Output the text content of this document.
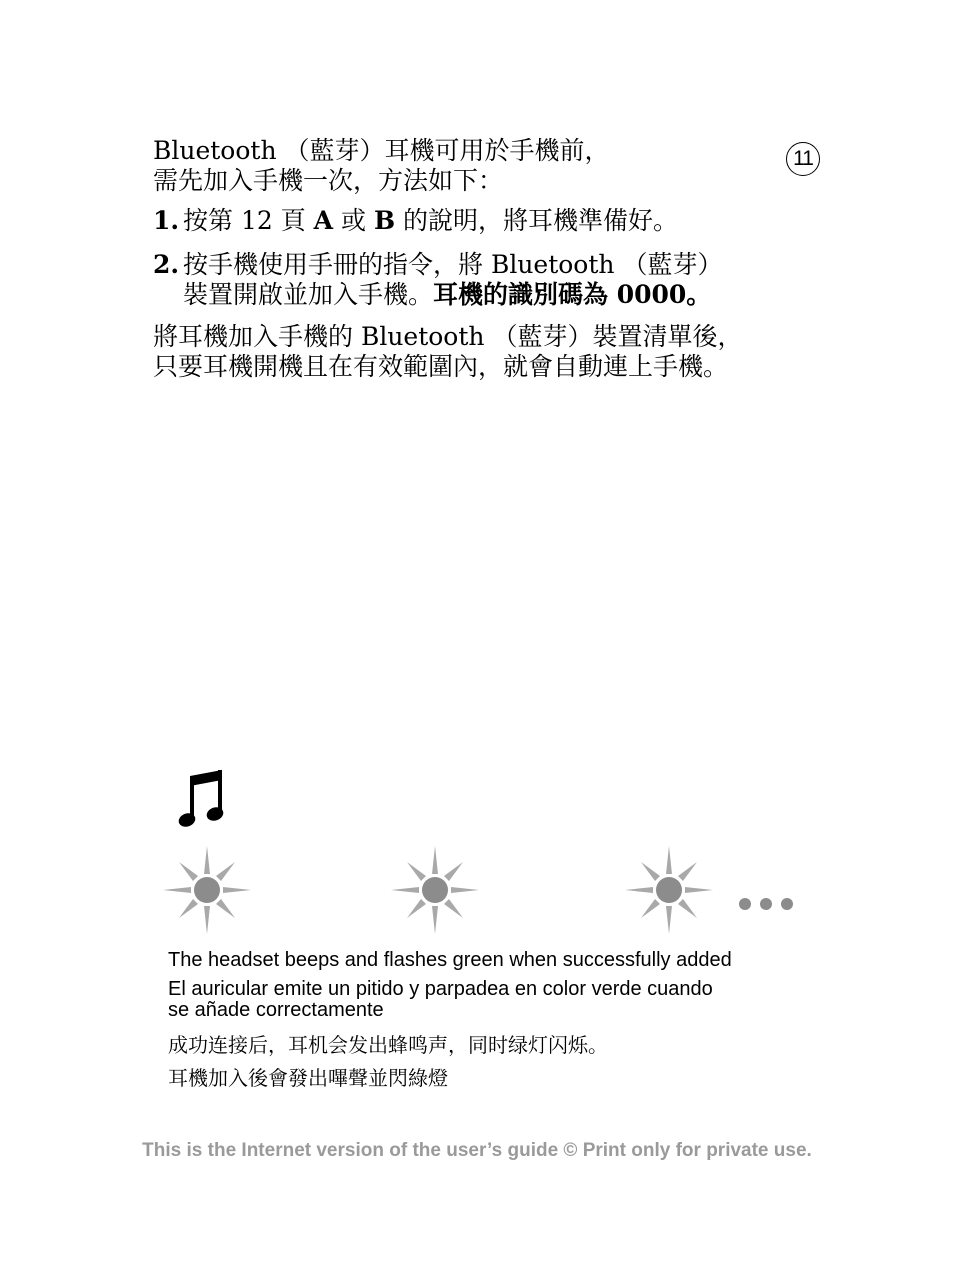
Bluetooth （藍芽）耳機可用於手機前，
需先加入手機一次，方法如下：
11
1. 按第 12 頁 A 或 B 的說明，將耳機準備好。
2. 按手機使用手冊的指令，將 Bluetooth （藍芽）
裝置開啟並加入手機。耳機的識別碼為 0000。
將耳機加入手機的 Bluetooth （藍芽）裝置清單後，
只要耳機開機且在有效範圍內，就會自動連上手機。
The headset beeps and flashes green when successfully added
El auricular emite un pitido y parpadea en color verde cuando
se añade correctamente
成功连接后，耳机会发出蜂鸣声，同时绿灯闪烁。
耳機加入後會發出嗶聲並閃綠燈
This is the Internet version of the user’s guide © Print only for private use.
